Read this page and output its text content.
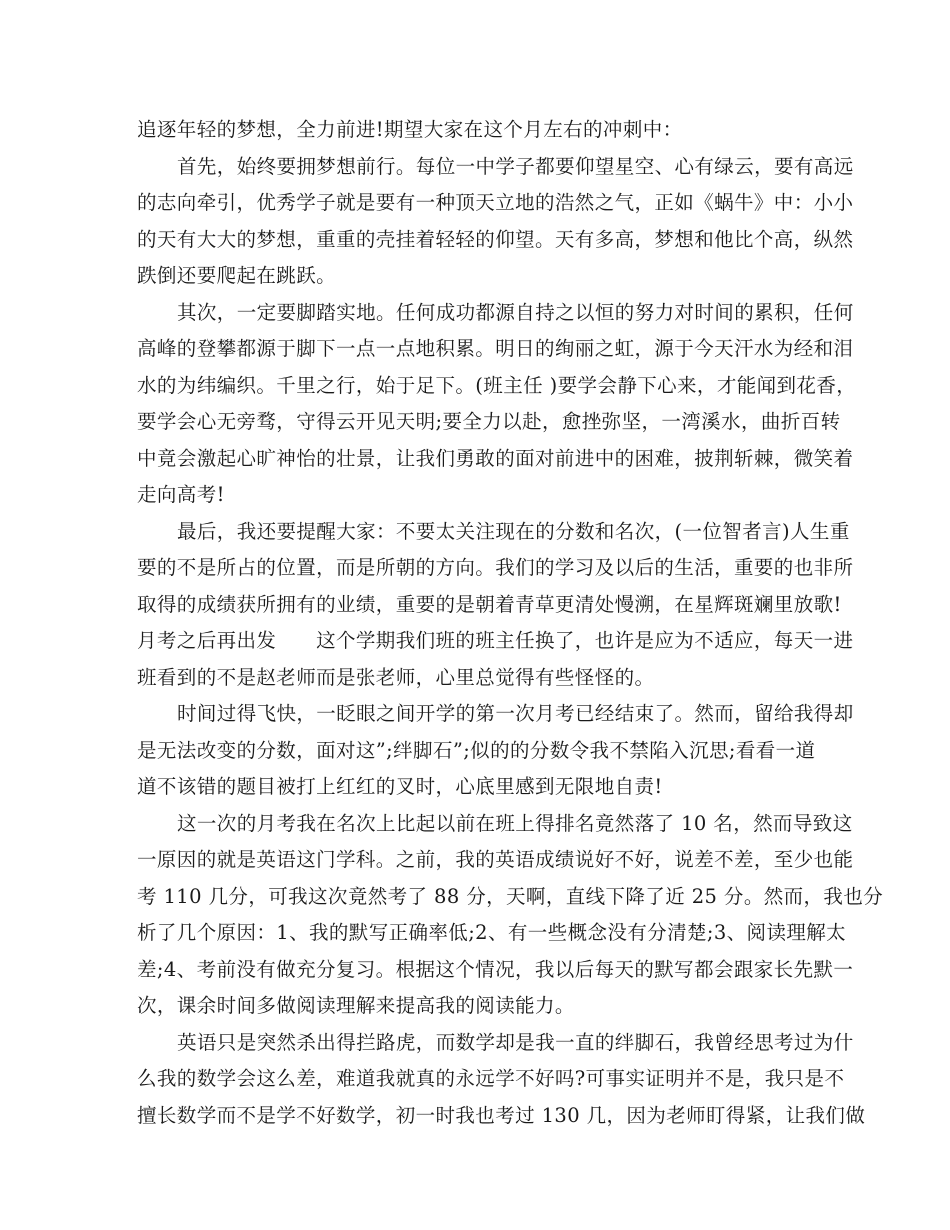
追逐年轻的梦想，全力前进!期望大家在这个月左右的冲刺中：
首先，始终要拥梦想前行。每位一中学子都要仰望星空、心有绿云，要有高远
的志向牵引，优秀学子就是要有一种顶天立地的浩然之气，正如《蜗牛》中：小小
的天有大大的梦想，重重的壳挂着轻轻的仰望。天有多高，梦想和他比个高，纵然
跌倒还要爬起在跳跃。
其次，一定要脚踏实地。任何成功都源自持之以恒的努力对时间的累积，任何
高峰的登攀都源于脚下一点一点地积累。明日的绚丽之虹，源于今天汗水为经和泪
水的为纬编织。千里之行，始于足下。(班主任 )要学会静下心来，才能闻到花香，
要学会心无旁骛，守得云开见天明;要全力以赴，愈挫弥坚，一湾溪水，曲折百转
中竟会激起心旷神怡的壮景，让我们勇敢的面对前进中的困难，披荆斩棘，微笑着
走向高考!
最后，我还要提醒大家：不要太关注现在的分数和名次，(一位智者言)人生重
要的不是所占的位置，而是所朝的方向。我们的学习及以后的生活，重要的也非所
取得的成绩获所拥有的业绩，重要的是朝着青草更清处慢溯，在星辉斑斓里放歌!
月考之后再出发　　这个学期我们班的班主任换了，也许是应为不适应，每天一进
班看到的不是赵老师而是张老师，心里总觉得有些怪怪的。
时间过得飞快，一眨眼之间开学的第一次月考已经结束了。然而，留给我得却
是无法改变的分数，面对这”;绊脚石”;似的的分数令我不禁陷入沉思;看看一道
道不该错的题目被打上红红的叉时，心底里感到无限地自责!
这一次的月考我在名次上比起以前在班上得排名竟然落了 10 名，然而导致这
一原因的就是英语这门学科。之前，我的英语成绩说好不好，说差不差，至少也能
考 110 几分，可我这次竟然考了 88 分，天啊，直线下降了近 25 分。然而，我也分
析了几个原因：1、我的默写正确率低;2、有一些概念没有分清楚;3、阅读理解太
差;4、考前没有做充分复习。根据这个情况，我以后每天的默写都会跟家长先默一
次，课余时间多做阅读理解来提高我的阅读能力。
英语只是突然杀出得拦路虎，而数学却是我一直的绊脚石，我曾经思考过为什
么我的数学会这么差，难道我就真的永远学不好吗?可事实证明并不是，我只是不
擅长数学而不是学不好数学，初一时我也考过 130 几，因为老师盯得紧，让我们做
